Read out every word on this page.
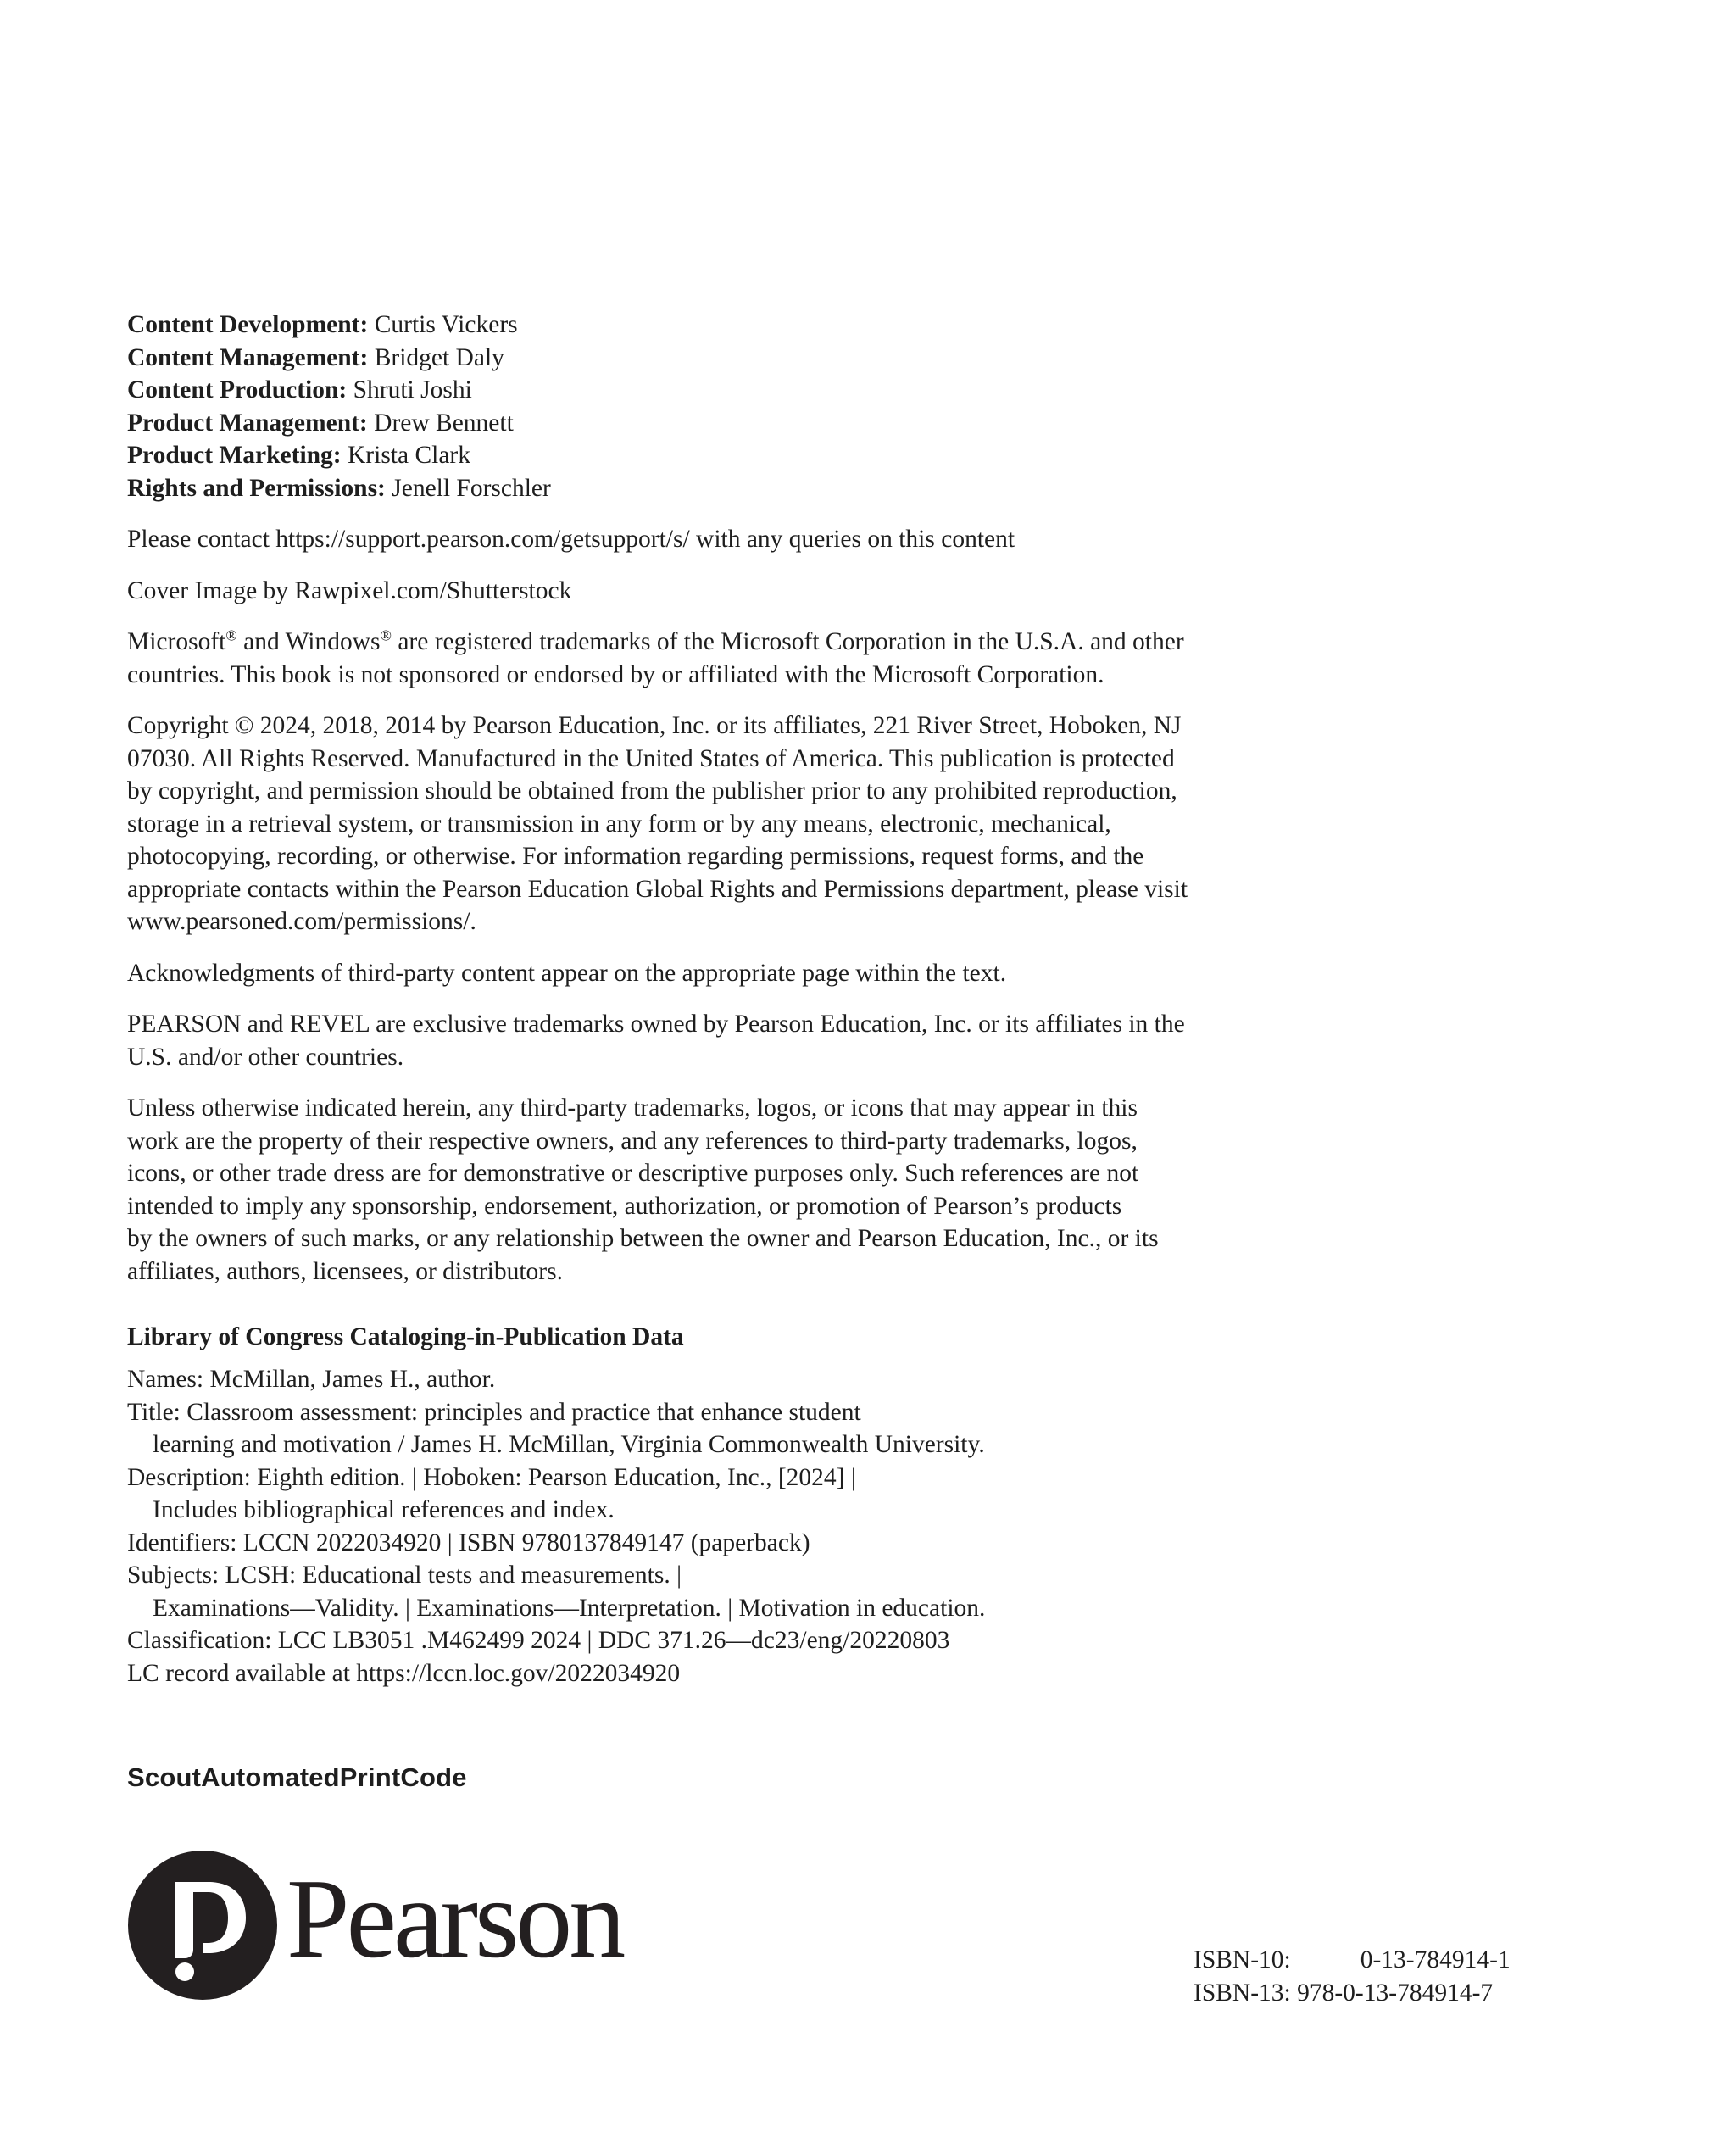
Content Development: Curtis Vickers
Content Management: Bridget Daly
Content Production: Shruti Joshi
Product Management: Drew Bennett
Product Marketing: Krista Clark
Rights and Permissions: Jenell Forschler

Please contact https://support.pearson.com/getsupport/s/ with any queries on this content

Cover Image by Rawpixel.com/Shutterstock

Microsoft® and Windows® are registered trademarks of the Microsoft Corporation in the U.S.A. and other
countries. This book is not sponsored or endorsed by or affiliated with the Microsoft Corporation.

Copyright © 2024, 2018, 2014 by Pearson Education, Inc. or its affiliates, 221 River Street, Hoboken, NJ
07030. All Rights Reserved. Manufactured in the United States of America. This publication is protected
by copyright, and permission should be obtained from the publisher prior to any prohibited reproduction,
storage in a retrieval system, or transmission in any form or by any means, electronic, mechanical,
photocopying, recording, or otherwise. For information regarding permissions, request forms, and the
appropriate contacts within the Pearson Education Global Rights and Permissions department, please visit
www.pearsoned.com/permissions/.

Acknowledgments of third-party content appear on the appropriate page within the text.

PEARSON and REVEL are exclusive trademarks owned by Pearson Education, Inc. or its affiliates in the
U.S. and/or other countries.

Unless otherwise indicated herein, any third-party trademarks, logos, or icons that may appear in this
work are the property of their respective owners, and any references to third-party trademarks, logos,
icons, or other trade dress are for demonstrative or descriptive purposes only. Such references are not
intended to imply any sponsorship, endorsement, authorization, or promotion of Pearson’s products
by the owners of such marks, or any relationship between the owner and Pearson Education, Inc., or its
affiliates, authors, licensees, or distributors.

Library of Congress Cataloging-in-Publication Data
Names: McMillan, James H., author.
Title: Classroom assessment: principles and practice that enhance student
learning and motivation / James H. McMillan, Virginia Commonwealth University.
Description: Eighth edition. | Hoboken: Pearson Education, Inc., [2024] |
Includes bibliographical references and index.
Identifiers: LCCN 2022034920 | ISBN 9780137849147 (paperback)
Subjects: LCSH: Educational tests and measurements. |
Examinations—Validity. | Examinations—Interpretation. | Motivation in education.
Classification: LCC LB3051 .M462499 2024 | DDC 371.26—dc23/eng/20220803
LC record available at https://lccn.loc.gov/2022034920
ScoutAutomatedPrintCode
Pearson	ISBN-10:	0-13-784914-1
ISBN-13: 978-0-13-784914-7
